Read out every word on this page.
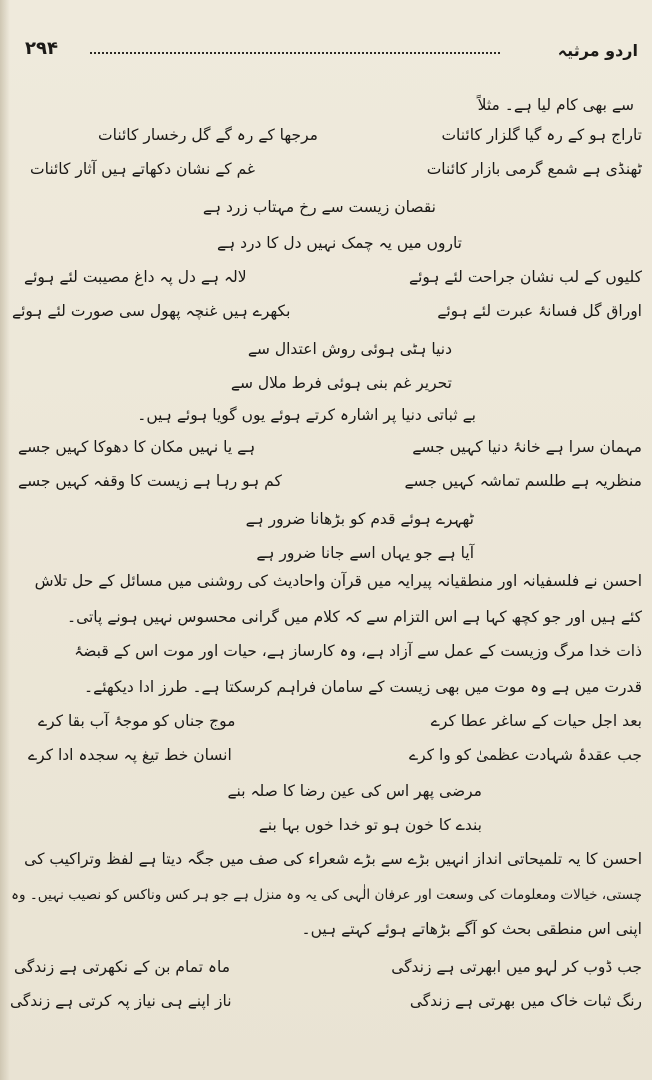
اردو مرثیہ
۲۹۴
سے بھی کام لیا ہے۔ مثلاً
تاراج ہو کے رہ گیا گلزار کائنات
مرجھا کے رہ گے گل رخسار کائنات
ٹھنڈی ہے شمع گرمی بازار کائنات
غم کے نشان دکھاتے ہیں آثار کائنات
نقصان زیست سے رخ مہتاب زرد ہے
تاروں میں یہ چمک نہیں دل کا درد ہے
کلیوں کے لب نشان جراحت لئے ہوئے
لالہ ہے دل پہ داغ مصیبت لئے ہوئے
اوراق گل فسانۂ عبرت لئے ہوئے
بکھرے ہیں غنچہ پھول سی صورت لئے ہوئے
دنیا ہٹی ہوئی روش اعتدال سے
تحریر غم بنی ہوئی فرط ملال سے
بے ثباتی دنیا پر اشارہ کرتے ہوئے یوں گویا ہوئے ہیں۔
مہمان سرا ہے خانۂ دنیا کہیں جسے
ہے یا نہیں مکان کا دھوکا کہیں جسے
منظریہ ہے طلسم تماشہ کہیں جسے
کم ہو رہا ہے زیست کا وقفہ کہیں جسے
ٹھہرے ہوئے قدم کو بڑھانا ضرور ہے
آیا ہے جو یہاں اسے جانا ضرور ہے
احسن نے فلسفیانہ اور منطقیانہ پیرایہ میں قرآن واحادیث کی روشنی میں مسائل کے حل تلاش
کئے ہیں اور جو کچھ کہا ہے اس التزام سے کہ کلام میں گرانی محسوس نہیں ہونے پاتی۔
ذات خدا مرگ وزیست کے عمل سے آزاد ہے، وہ کارساز ہے، حیات اور موت اس کے قبضۂ
قدرت میں ہے وہ موت میں بھی زیست کے سامان فراہم کرسکتا ہے۔ طرز ادا دیکھئے۔
بعد اجل حیات کے ساغر عطا کرے
موج جناں کو موجۂ آب بقا کرے
جب عقدۂ شہادت عظمیٰ کو وا کرے
انسان خط تیغ پہ سجدہ ادا کرے
مرضی پھر اس کی عین رضا کا صلہ بنے
بندے کا خون ہو تو خدا خوں بہا بنے
احسن کا یہ تلمیحاتی انداز انہیں بڑے سے بڑے شعراء کی صف میں جگہ دیتا ہے لفظ وتراکیب کی
چستی، خیالات ومعلومات کی وسعت اور عرفان الٰہی کی یہ وہ منزل ہے جو ہر کس وناکس کو نصیب نہیں۔ وہ
اپنی اس منطقی بحث کو آگے بڑھاتے ہوئے کہتے ہیں۔
جب ڈوب کر لہو میں ابھرتی ہے زندگی
ماہ تمام بن کے نکھرتی ہے زندگی
رنگ ثبات خاک میں بھرتی ہے زندگی
ناز اپنے ہی نیاز پہ کرتی ہے زندگی
